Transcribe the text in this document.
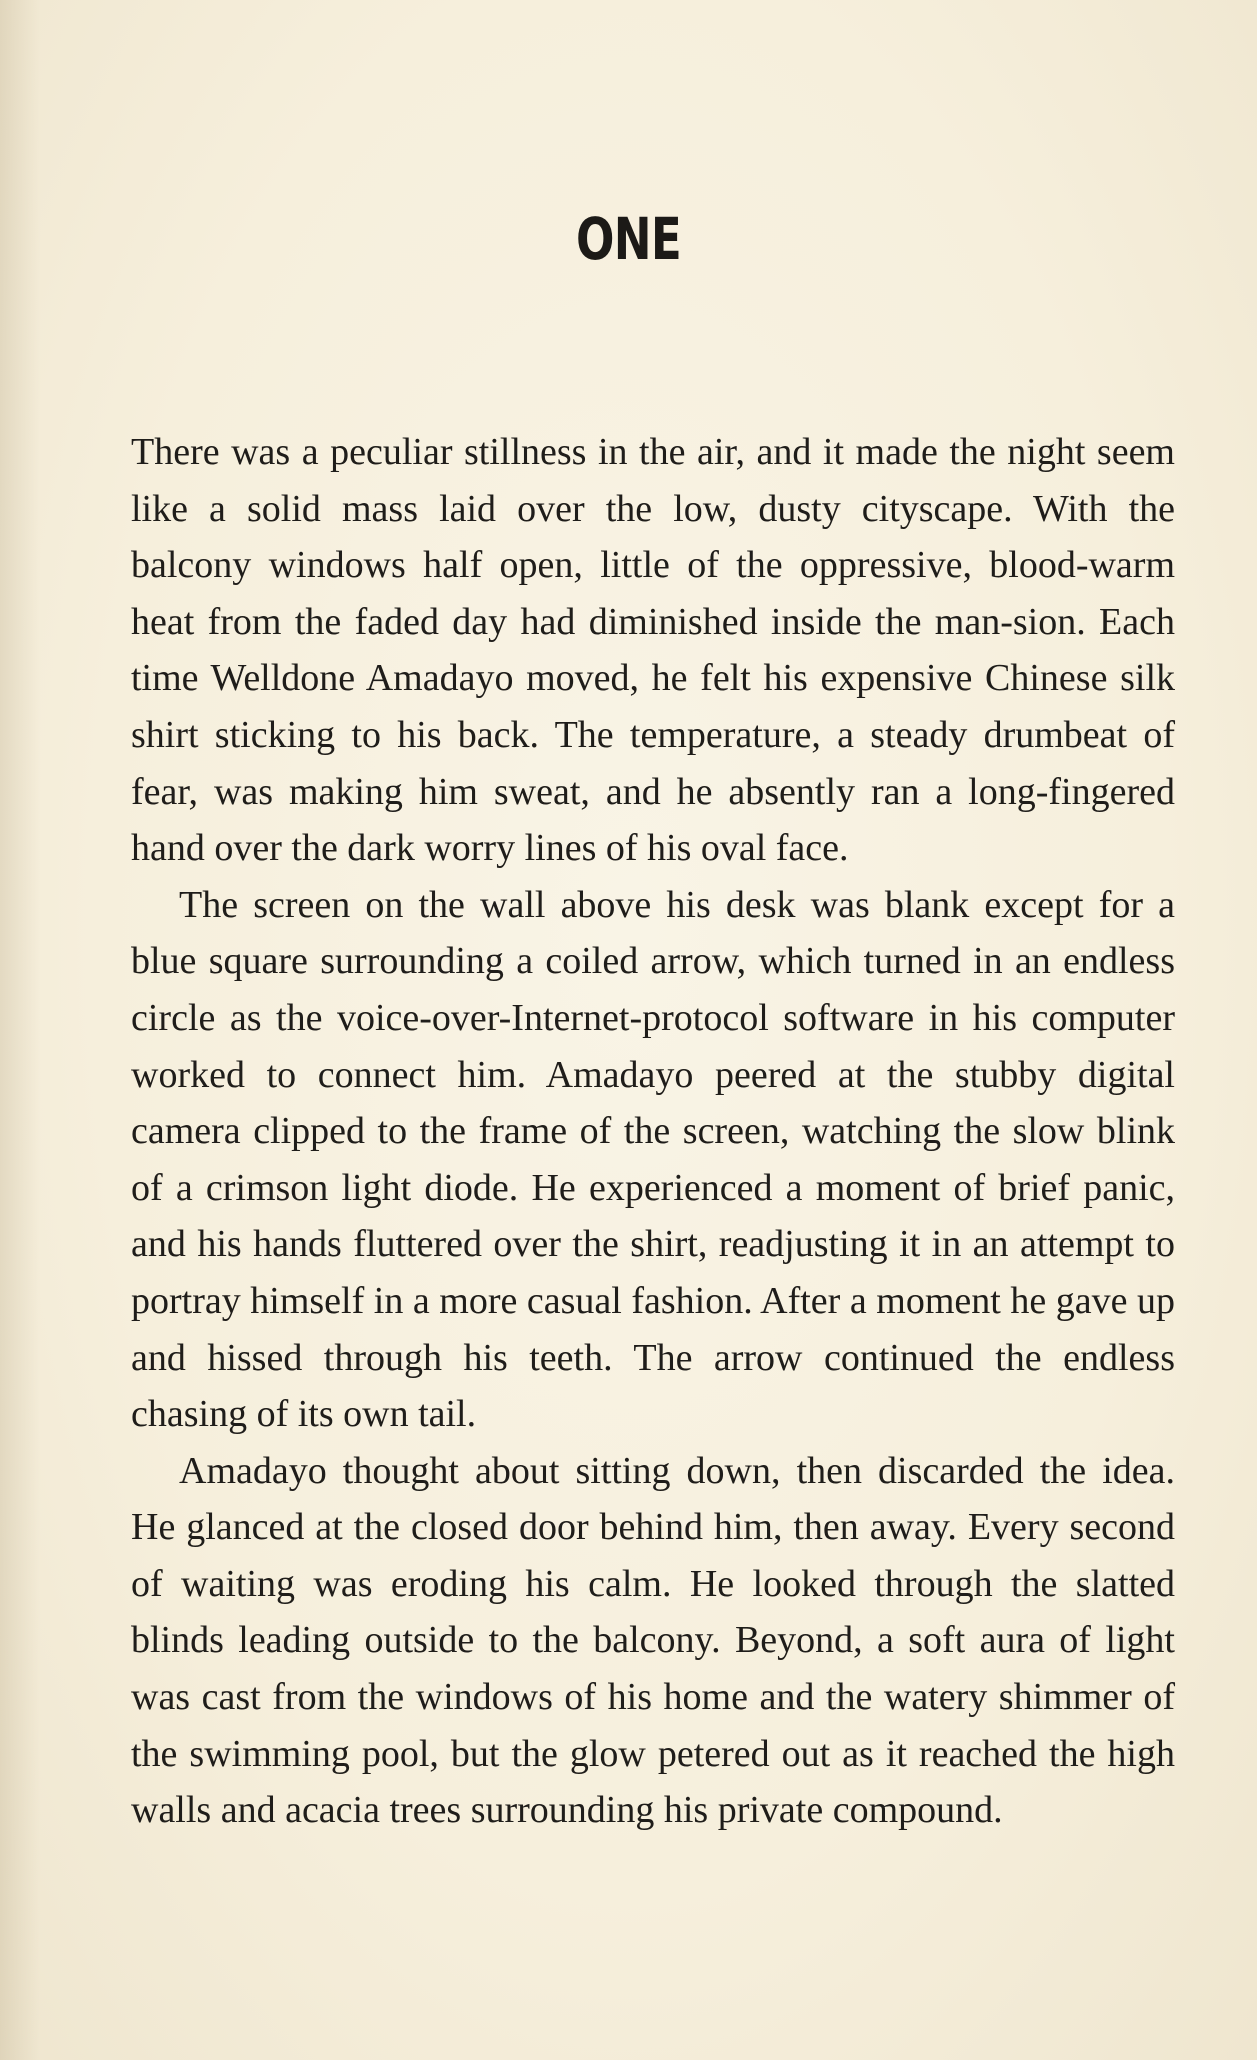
ONE

There was a peculiar stillness in the air, and it made the night seem like a solid mass laid over the low, dusty cityscape. With the balcony windows half open, little of the oppressive, blood-warm heat from the faded day had diminished inside the man-sion. Each time Welldone Amadayo moved, he felt his expensive Chinese silk shirt sticking to his back. The temperature, a steady drumbeat of fear, was making him sweat, and he absently ran a long-fingered hand over the dark worry lines of his oval face.

The screen on the wall above his desk was blank except for a blue square surrounding a coiled arrow, which turned in an endless circle as the voice-over-Internet-protocol software in his computer worked to connect him. Amadayo peered at the stubby digital camera clipped to the frame of the screen, watching the slow blink of a crimson light diode. He experienced a moment of brief panic, and his hands fluttered over the shirt, readjusting it in an attempt to portray himself in a more casual fashion. After a moment he gave up and hissed through his teeth. The arrow continued the endless chasing of its own tail.

Amadayo thought about sitting down, then discarded the idea. He glanced at the closed door behind him, then away. Every second of waiting was eroding his calm. He looked through the slatted blinds leading outside to the balcony. Beyond, a soft aura of light was cast from the windows of his home and the watery shimmer of the swimming pool, but the glow petered out as it reached the high walls and acacia trees surrounding his private compound.
